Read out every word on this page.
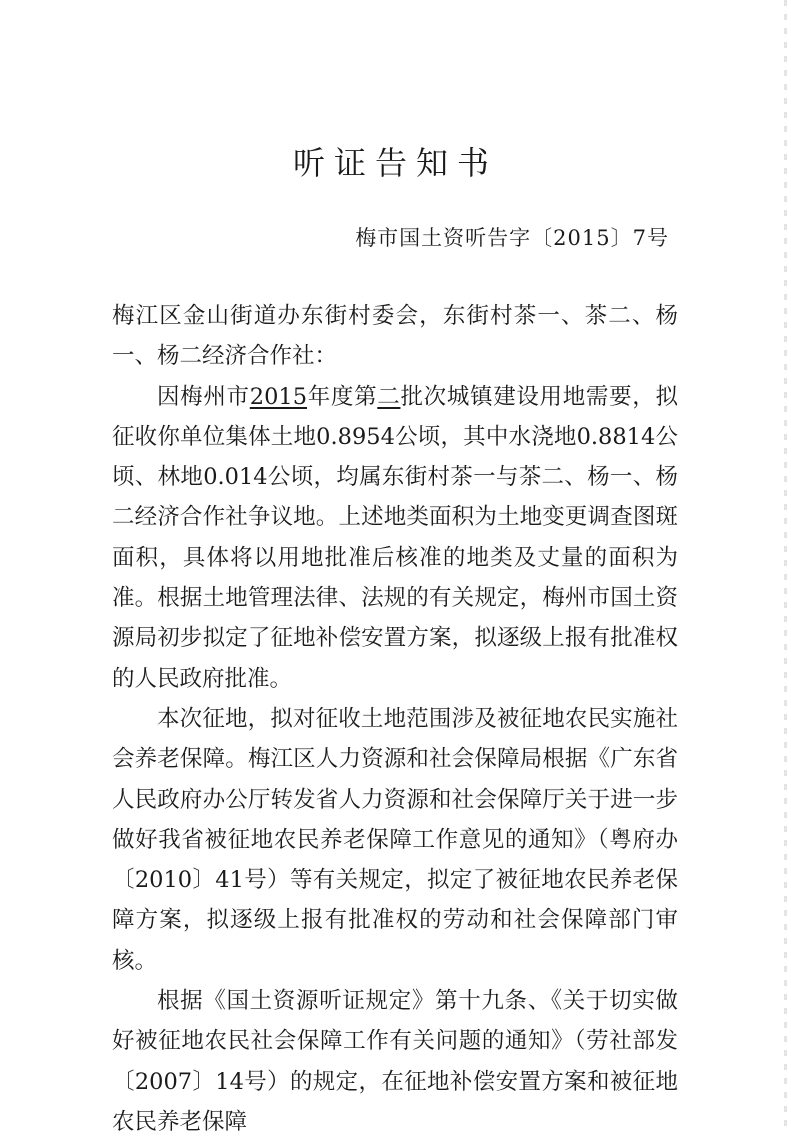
听证告知书
梅市国土资听告字〔2015〕7号

梅江区金山街道办东街村委会，东街村茶一、茶二、杨一、杨二经济合作社：

因梅州市2015年度第二批次城镇建设用地需要，拟征收你单位集体土地0.8954公顷，其中水浇地0.8814公顷、林地0.014公顷，均属东街村茶一与茶二、杨一、杨二经济合作社争议地。上述地类面积为土地变更调查图斑面积，具体将以用地批准后核准的地类及丈量的面积为准。根据土地管理法律、法规的有关规定，梅州市国土资源局初步拟定了征地补偿安置方案，拟逐级上报有批准权的人民政府批准。

本次征地，拟对征收土地范围涉及被征地农民实施社会养老保障。梅江区人力资源和社会保障局根据《广东省人民政府办公厅转发省人力资源和社会保障厅关于进一步做好我省被征地农民养老保障工作意见的通知》（粤府办〔2010〕41号）等有关规定，拟定了被征地农民养老保障方案，拟逐级上报有批准权的劳动和社会保障部门审核。

根据《国土资源听证规定》第十九条、《关于切实做好被征地农民社会保障工作有关问题的通知》（劳社部发〔2007〕14号）的规定，在征地补偿安置方案和被征地农民养老保障
